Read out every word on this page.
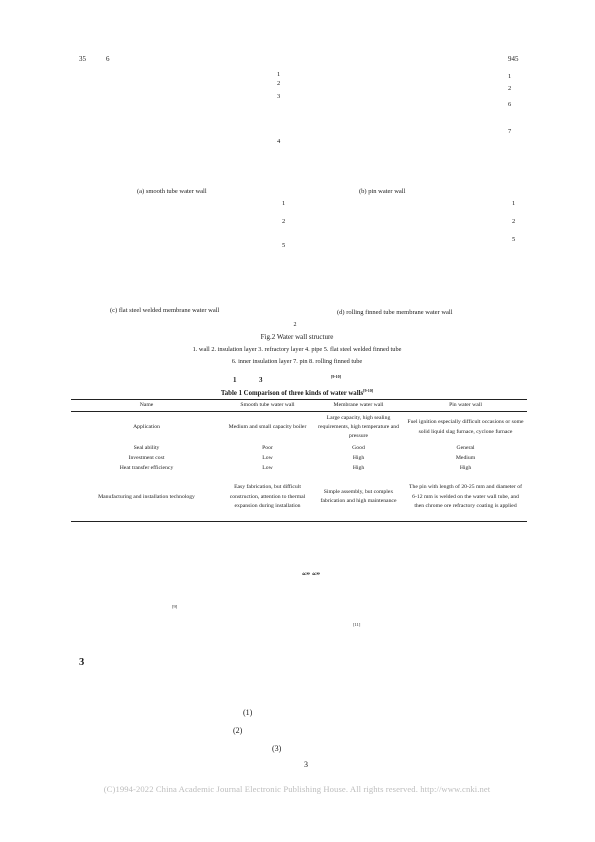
35	6	945
1
2
3
4
(a) smooth tube water wall
1
2
6
7
(b) pin water wall
1
2
5
(c) flat steel welded membrane water wall
1
2
5
(d) rolling finned tube membrane water wall
2
Fig.2 Water wall structure
1. wall 2. insulation layer 3. refractory layer 4. pipe 5. flat steel welded finned tube
6. inner insulation layer 7. pin 8. rolling finned tube
1	3	[9-10]
Table 1 Comparison of three kinds of water walls[9-10]
Name	Smooth tube water wall	Membrane water wall	Pin water wall
Application	Medium and small capacity boiler	Large capacity, high sealing requirements, high temperature and pressure	Fuel ignition especially difficult occasions or some solid liquid slag furnace, cyclone furnace
Seal ability	Poor	Good	General
Investment cost	Low	High	Medium
Heat transfer efficiency	Low	High	High
Manufacturing and installation technology	Easy fabrication, but difficult construction, attention to thermal expansion during installation	Simple assembly, but complex fabrication and high maintenance	The pin with length of 20-25 mm and diameter of 6-12 mm is welded on the water wall tube, and then chrome ore refractory coating is applied
“” “”
[9]
[11]
3
(1)
(2)
(3)
3
(C)1994-2022 China Academic Journal Electronic Publishing House. All rights reserved. http://www.cnki.net
